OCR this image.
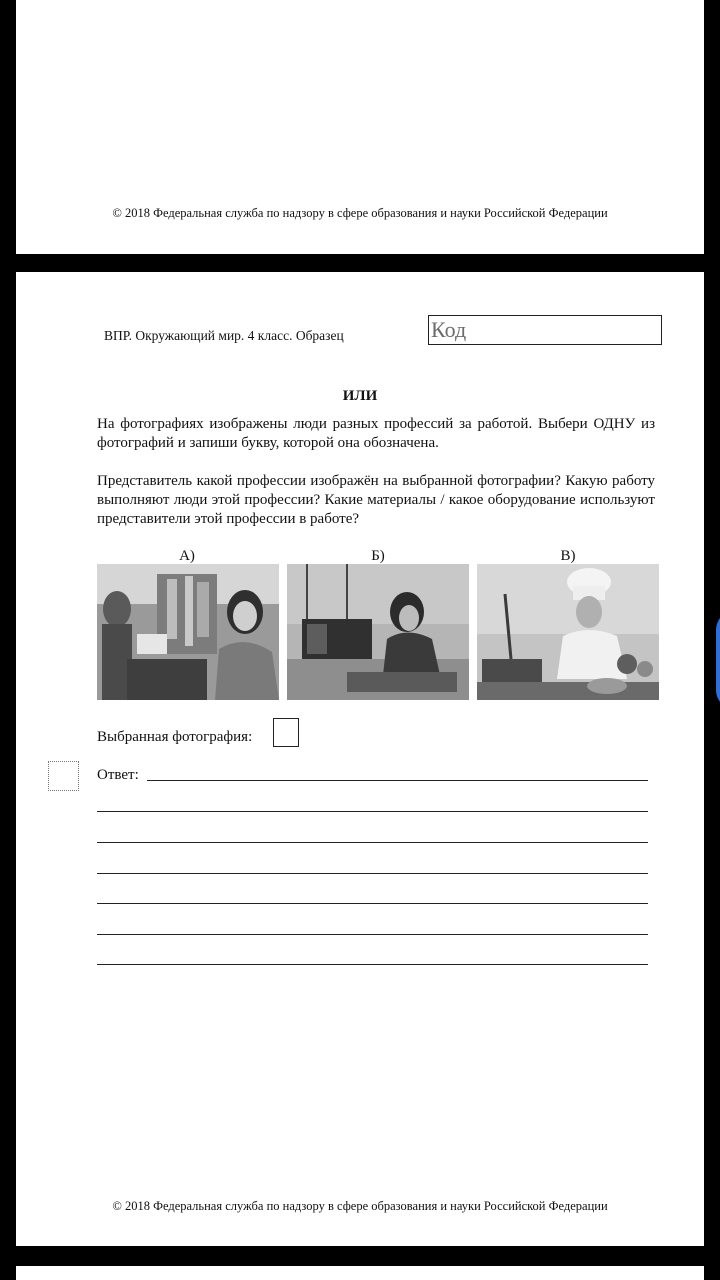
© 2018 Федеральная служба по надзору в сфере образования и науки Российской Федерации
ВПР. Окружающий мир. 4 класс. Образец	Код
ИЛИ
На фотографиях изображены люди разных профессий за работой. Выбери ОДНУ из фотографий и запиши букву, которой она обозначена.
Представитель какой профессии изображён на выбранной фотографии? Какую работу выполняют люди этой профессии? Какие материалы / какое оборудование используют представители этой профессии в работе?
А)	Б)	В)
Выбранная фотография:
Ответ:
© 2018 Федеральная служба по надзору в сфере образования и науки Российской Федерации
